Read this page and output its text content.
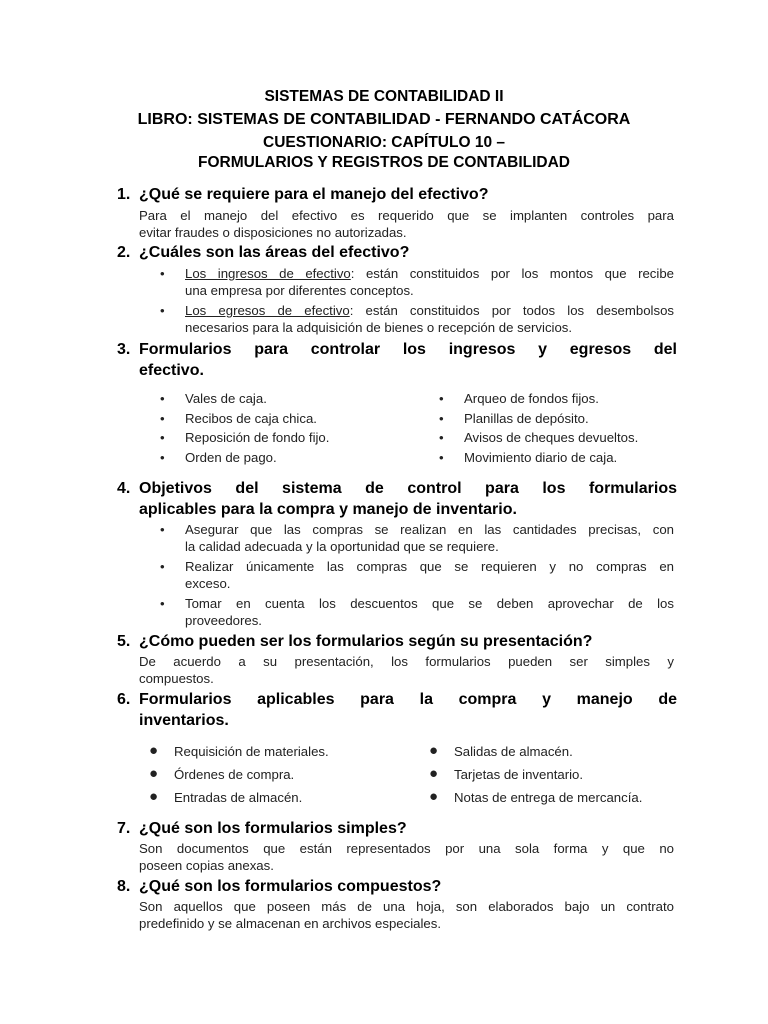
SISTEMAS DE CONTABILIDAD II
LIBRO: SISTEMAS DE CONTABILIDAD - FERNANDO CATÁCORA
CUESTIONARIO: CAPÍTULO 10 –
FORMULARIOS Y REGISTROS DE CONTABILIDAD
1. ¿Qué se requiere para el manejo del efectivo?
Para el manejo del efectivo es requerido que se implanten controles para
evitar fraudes o disposiciones no autorizadas.
2. ¿Cuáles son las áreas del efectivo?
•	Los ingresos de efectivo: están constituidos por los montos que recibe
una empresa por diferentes conceptos.
•	Los egresos de efectivo: están constituidos por todos los desembolsos
necesarios para la adquisición de bienes o recepción de servicios.
3. Formularios para controlar los ingresos y egresos del
efectivo.
• Vales de caja.
• Recibos de caja chica.
• Reposición de fondo fijo.
• Orden de pago.
• Arqueo de fondos fijos.
• Planillas de depósito.
• Avisos de cheques devueltos.
• Movimiento diario de caja.
4. Objetivos del sistema de control para los formularios
aplicables para la compra y manejo de inventario.
•	Asegurar que las compras se realizan en las cantidades precisas, con
la calidad adecuada y la oportunidad que se requiere.
•	Realizar únicamente las compras que se requieren y no compras en
exceso.
•	Tomar en cuenta los descuentos que se deben aprovechar de los
proveedores.
5. ¿Cómo pueden ser los formularios según su presentación?
De acuerdo a su presentación, los formularios pueden ser simples y
compuestos.
6. Formularios aplicables para la compra y manejo de
inventarios.
● Requisición de materiales.
● Órdenes de compra.
● Entradas de almacén.
● Salidas de almacén.
● Tarjetas de inventario.
● Notas de entrega de mercancía.
7. ¿Qué son los formularios simples?
Son documentos que están representados por una sola forma y que no
poseen copias anexas.
8. ¿Qué son los formularios compuestos?
Son aquellos que poseen más de una hoja, son elaborados bajo un contrato
predefinido y se almacenan en archivos especiales.
